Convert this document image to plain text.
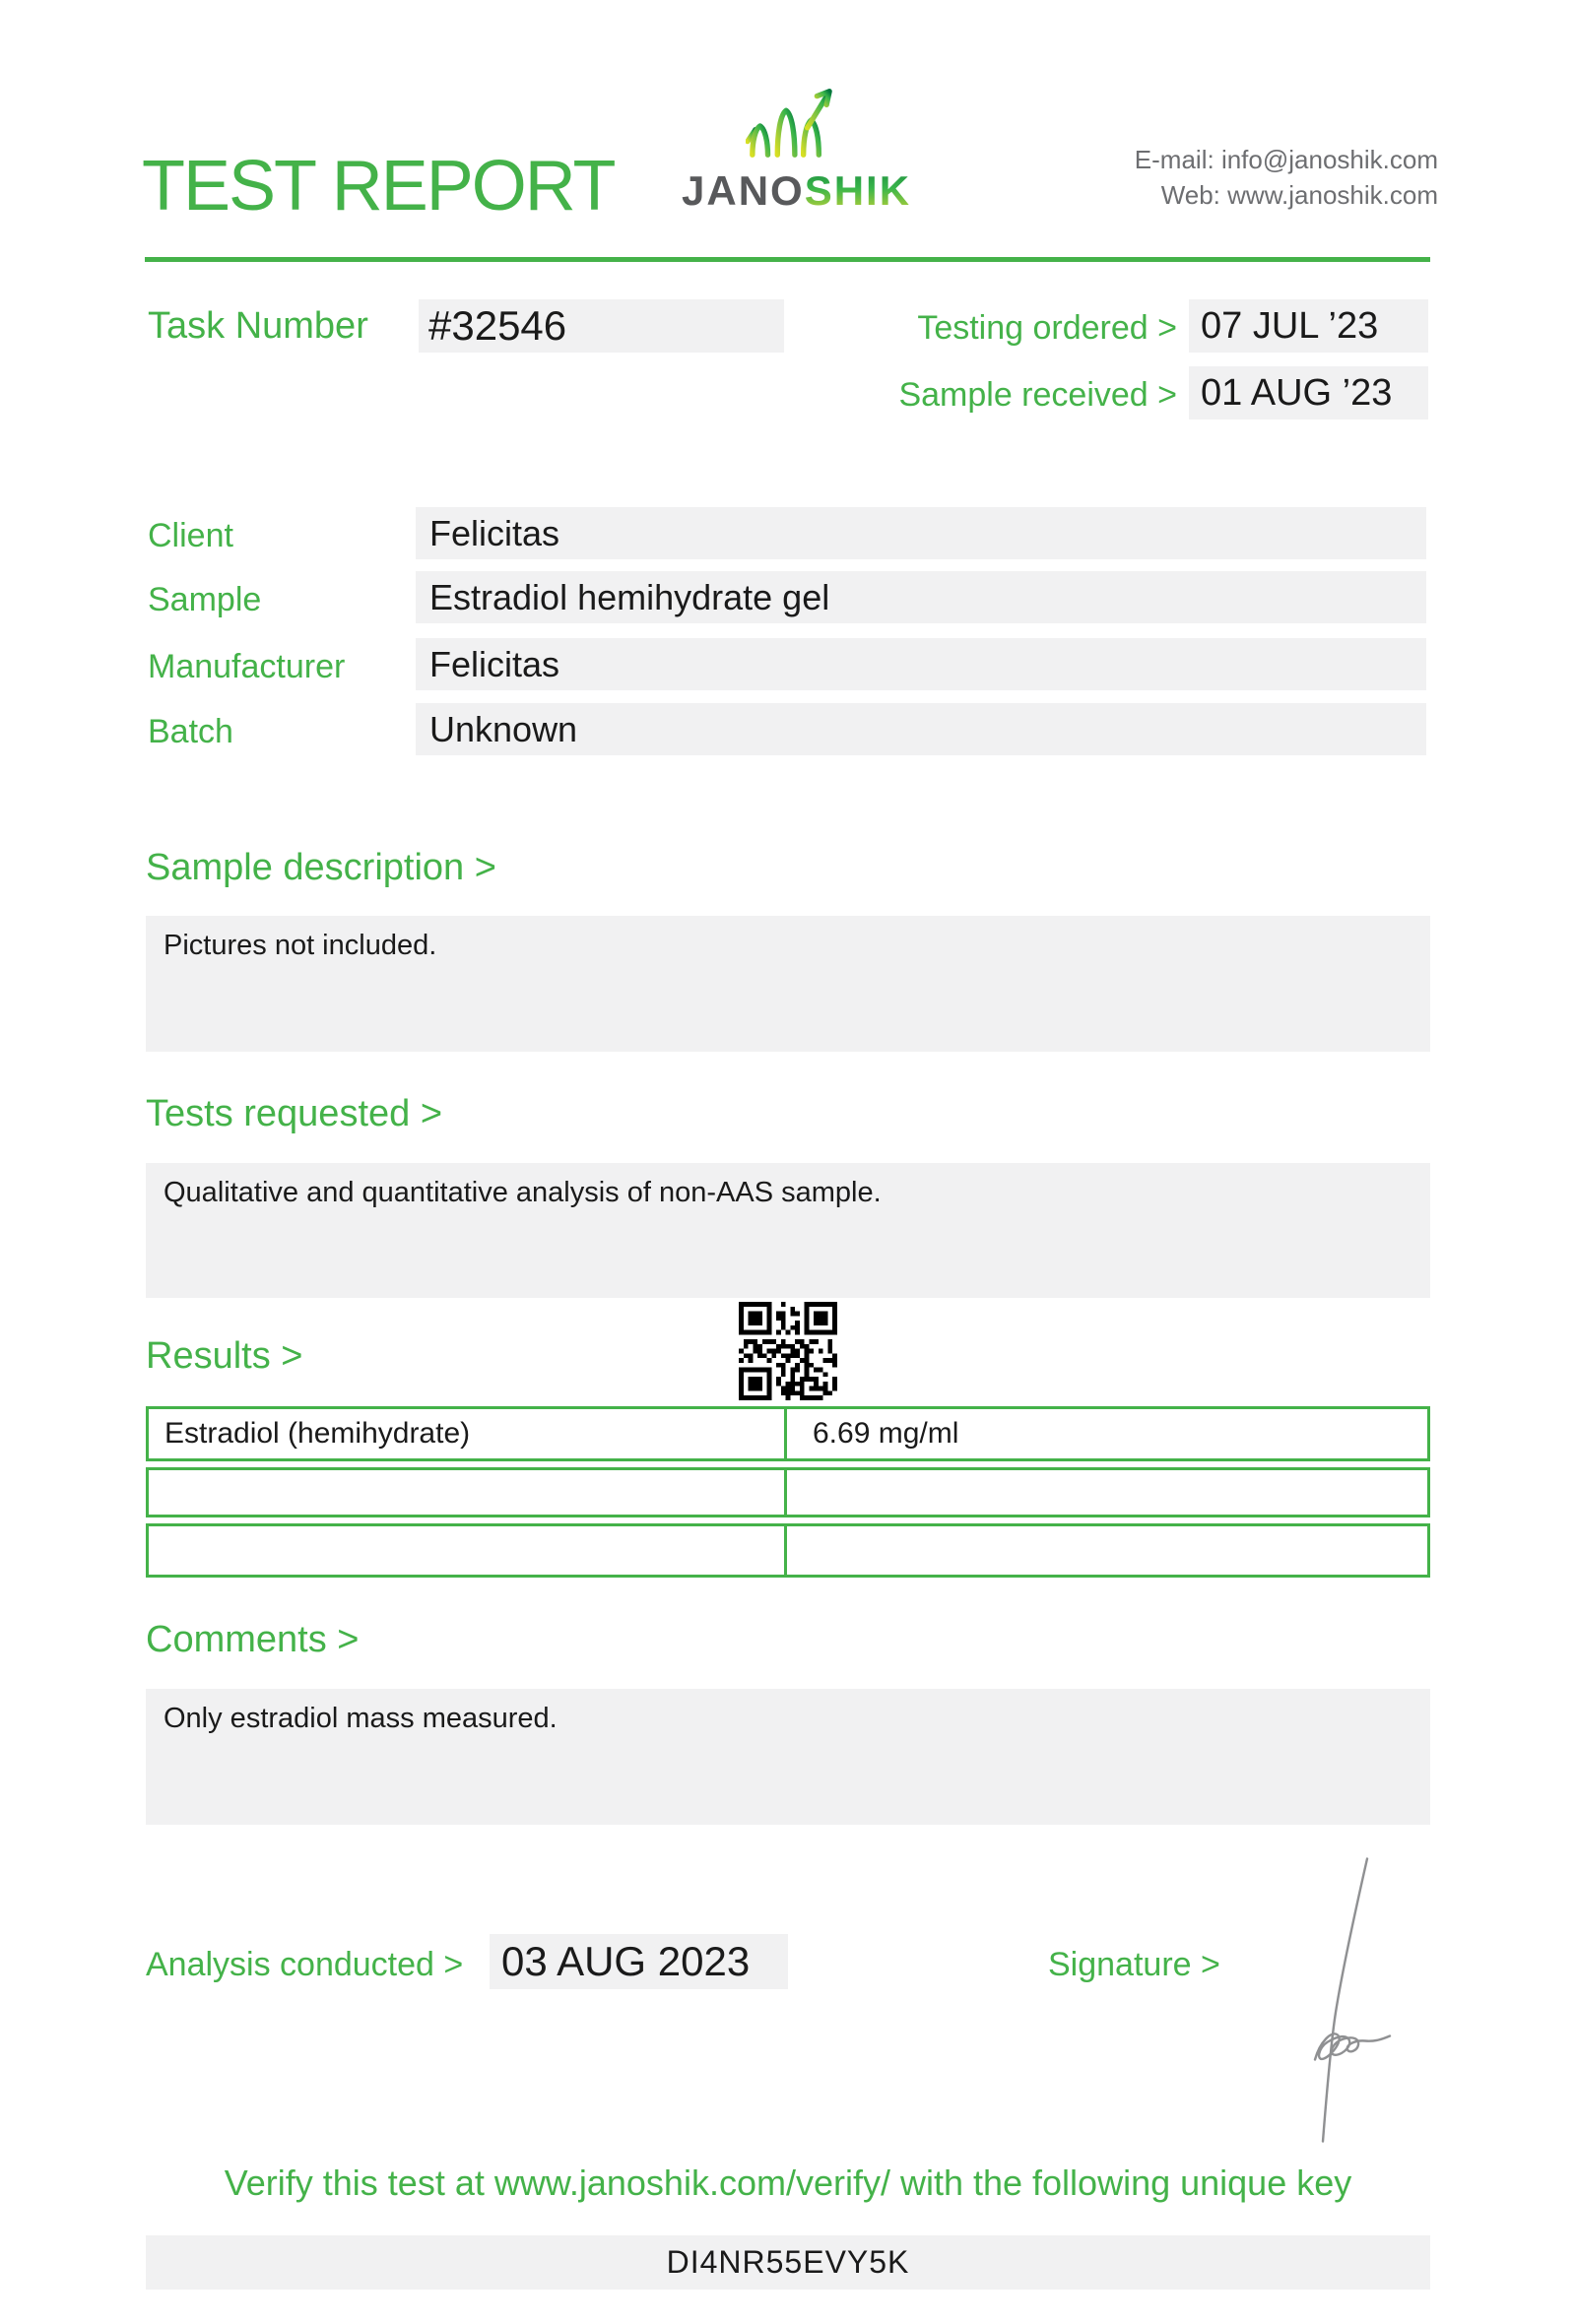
TEST REPORT JANOSHIK
E-mail: info@janoshik.com
Web: www.janoshik.com
Task Number #32546	Testing ordered > 07 JUL ’23
Sample received > 01 AUG ’23
Client	Felicitas
Sample	Estradiol hemihydrate gel
Manufacturer	Felicitas
Batch	Unknown
Sample description >
Pictures not included.
Tests requested >
Qualitative and quantitative analysis of non-AAS sample.
Results >
Estradiol (hemihydrate)	6.69 mg/ml
Comments >
Only estradiol mass measured.
Analysis conducted > 03 AUG 2023	Signature >
Verify this test at www.janoshik.com/verify/ with the following unique key
DI4NR55EVY5K
